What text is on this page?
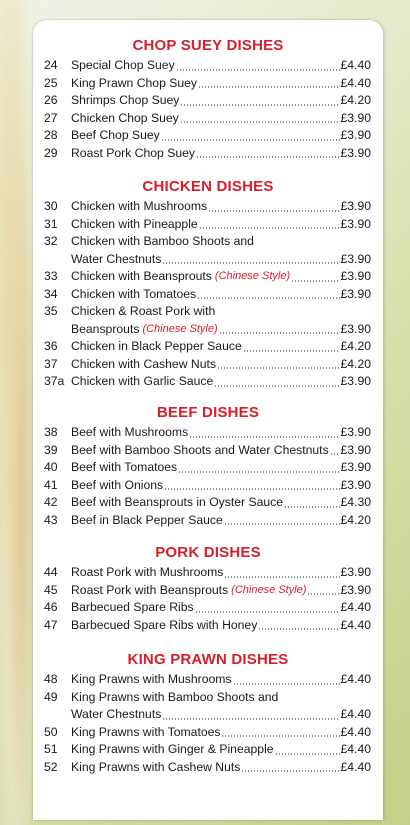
CHOP SUEY DISHES
24	Special Chop Suey	£4.40
25	King Prawn Chop Suey	£4.40
26	Shrimps Chop Suey	£4.20
27	Chicken Chop Suey	£3.90
28	Beef Chop Suey	£3.90
29	Roast Pork Chop Suey	£3.90
CHICKEN DISHES
30	Chicken with Mushrooms	£3.90
31	Chicken with Pineapple	£3.90
32	Chicken with Bamboo Shoots and
Water Chestnuts	£3.90
33	Chicken with Beansprouts (Chinese Style)	£3.90
34	Chicken with Tomatoes	£3.90
35	Chicken & Roast Pork with
Beansprouts (Chinese Style)	£3.90
36	Chicken in Black Pepper Sauce	£4.20
37	Chicken with Cashew Nuts	£4.20
37a Chicken with Garlic Sauce	£3.90
BEEF DISHES
38	Beef with Mushrooms	£3.90
39	Beef with Bamboo Shoots and Water Chestnuts £3.90
40	Beef with Tomatoes	£3.90
41	Beef with Onions	£3.90
42	Beef with Beansprouts in Oyster Sauce	£4.30
43	Beef in Black Pepper Sauce	£4.20
PORK DISHES
44	Roast Pork with Mushrooms	£3.90
45	Roast Pork with Beansprouts (Chinese Style)	£3.90
46	Barbecued Spare Ribs	£4.40
47	Barbecued Spare Ribs with Honey	£4.40
KING PRAWN DISHES
48	King Prawns with Mushrooms	£4.40
49	King Prawns with Bamboo Shoots and
Water Chestnuts	£4.40
50	King Prawns with Tomatoes	£4.40
51	King Prawns with Ginger & Pineapple	£4.40
52	King Prawns with Cashew Nuts	£4.40
